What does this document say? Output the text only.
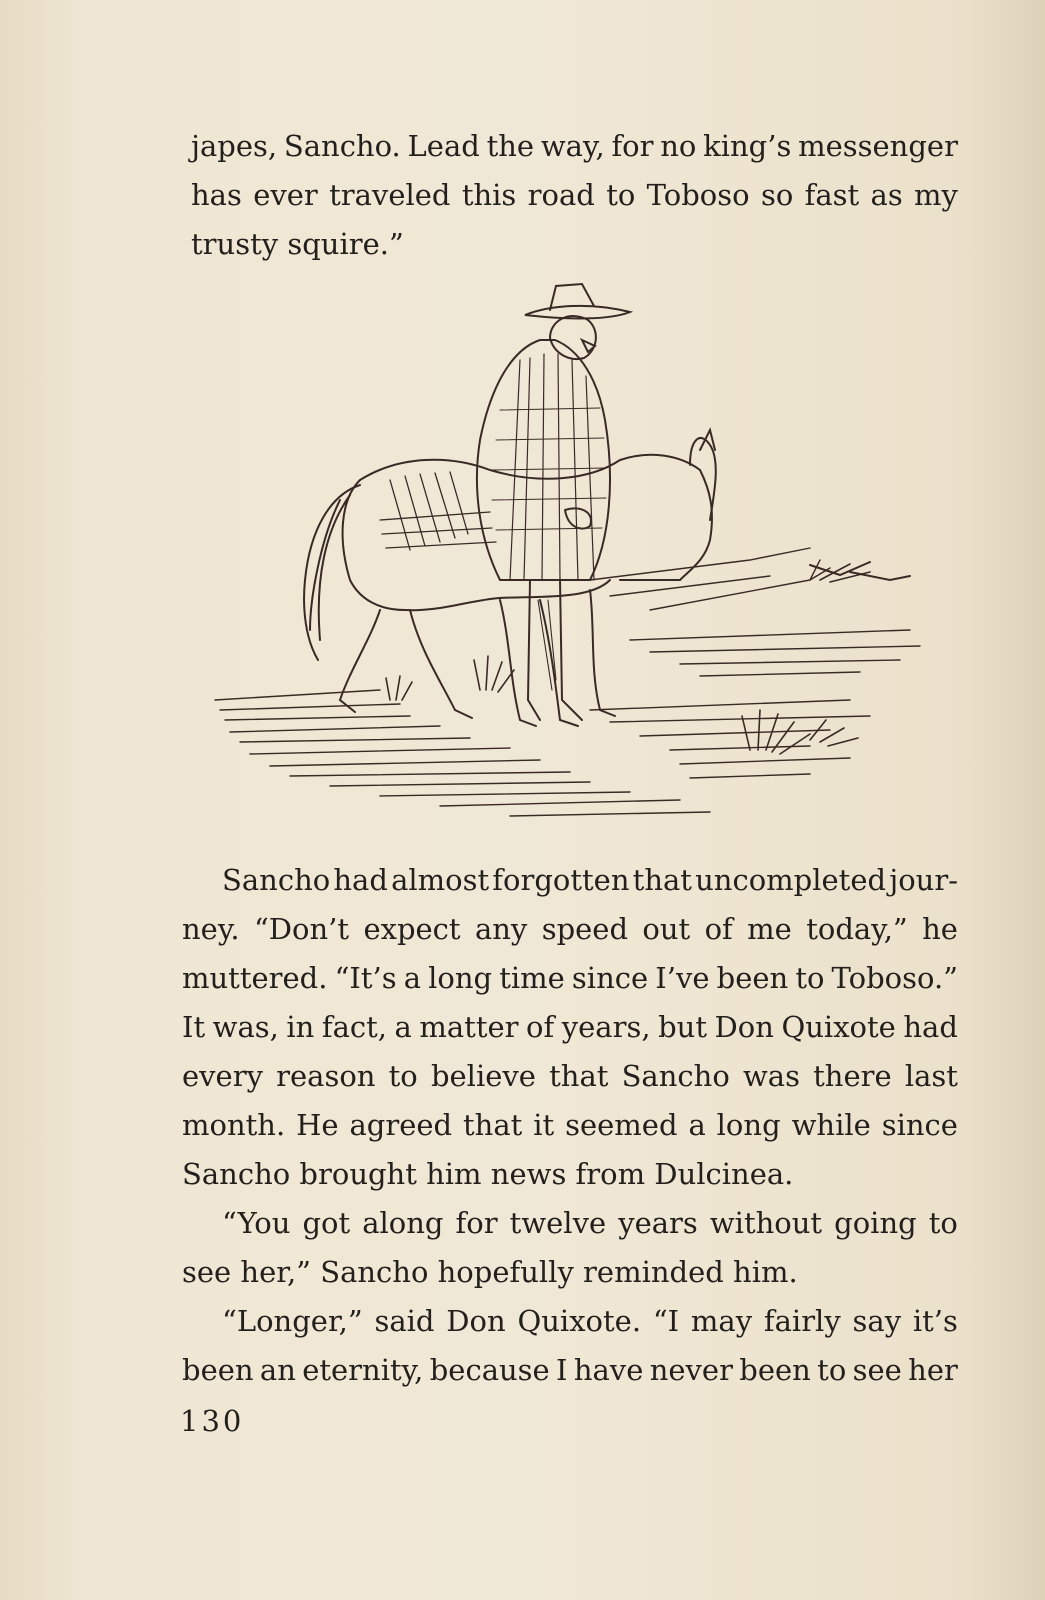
japes, Sancho. Lead the way, for no king’s messenger
has ever traveled this road to Toboso so fast as my
trusty squire.”
Sancho had almost forgotten that uncompleted jour-
ney. “Don’t expect any speed out of me today,” he
muttered. “It’s a long time since I’ve been to Toboso.”
It was, in fact, a matter of years, but Don Quixote had
every reason to believe that Sancho was there last
month. He agreed that it seemed a long while since
Sancho brought him news from Dulcinea.
“You got along for twelve years without going to
see her,” Sancho hopefully reminded him.
“Longer,” said Don Quixote. “I may fairly say it’s
been an eternity, because I have never been to see her
130
